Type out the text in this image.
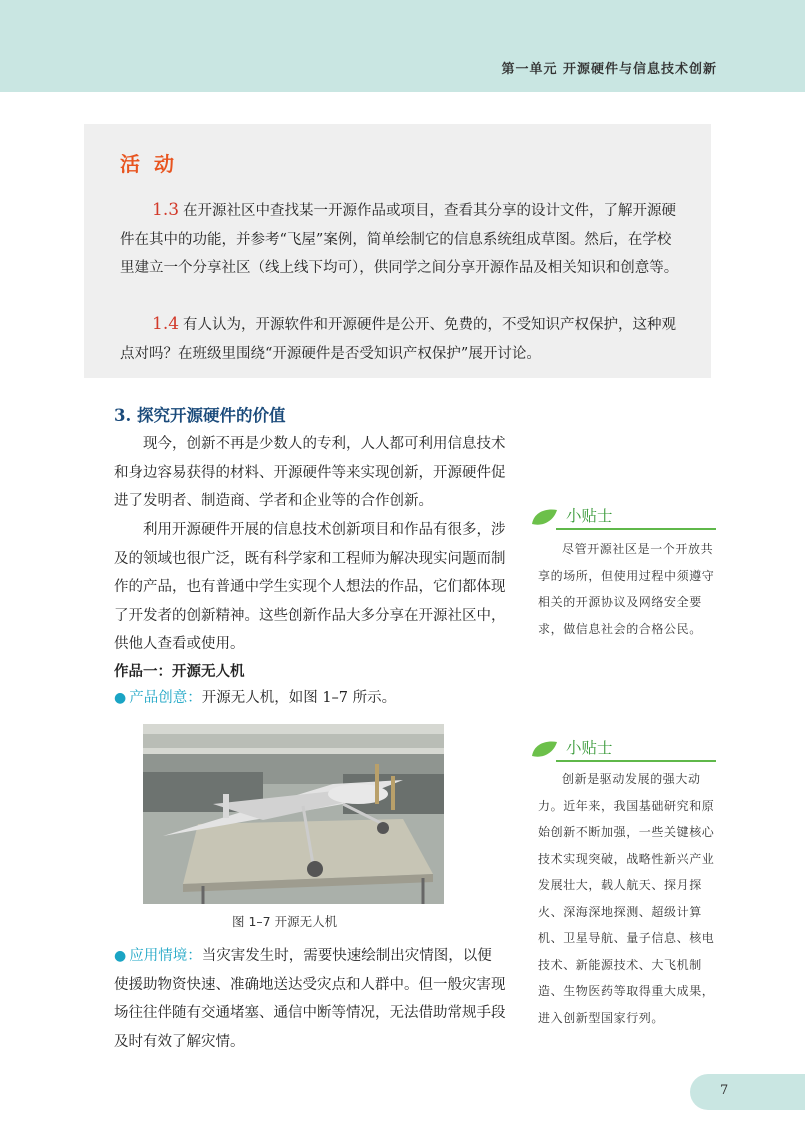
第一单元 开源硬件与信息技术创新
活动
1.3 在开源社区中查找某一开源作品或项目，查看其分享的设计文件，了解开源硬件在其中的功能，并参考“飞屋”案例，简单绘制它的信息系统组成草图。然后，在学校里建立一个分享社区（线上线下均可），供同学之间分享开源作品及相关知识和创意等。
1.4 有人认为，开源软件和开源硬件是公开、免费的，不受知识产权保护，这种观点对吗？在班级里围绕“开源硬件是否受知识产权保护”展开讨论。
3. 探究开源硬件的价值
现今，创新不再是少数人的专利，人人都可利用信息技术和身边容易获得的材料、开源硬件等来实现创新，开源硬件促进了发明者、制造商、学者和企业等的合作创新。
利用开源硬件开展的信息技术创新项目和作品有很多，涉及的领域也很广泛，既有科学家和工程师为解决现实问题而制作的产品，也有普通中学生实现个人想法的作品，它们都体现了开发者的创新精神。这些创新作品大多分享在开源社区中，供他人查看或使用。
作品一：开源无人机
● 产品创意：开源无人机，如图 1–7 所示。
图 1–7 开源无人机
● 应用情境：当灾害发生时，需要快速绘制出灾情图，以便使援助物资快速、准确地送达受灾点和人群中。但一般灾害现场往往伴随有交通堵塞、通信中断等情况，无法借助常规手段及时有效了解灾情。
小贴士
尽管开源社区是一个开放共享的场所，但使用过程中须遵守相关的开源协议及网络安全要求，做信息社会的合格公民。
小贴士
创新是驱动发展的强大动力。近年来，我国基础研究和原始创新不断加强，一些关键核心技术实现突破，战略性新兴产业发展壮大，载人航天、探月探火、深海深地探测、超级计算机、卫星导航、量子信息、核电技术、新能源技术、大飞机制造、生物医药等取得重大成果，进入创新型国家行列。
7
